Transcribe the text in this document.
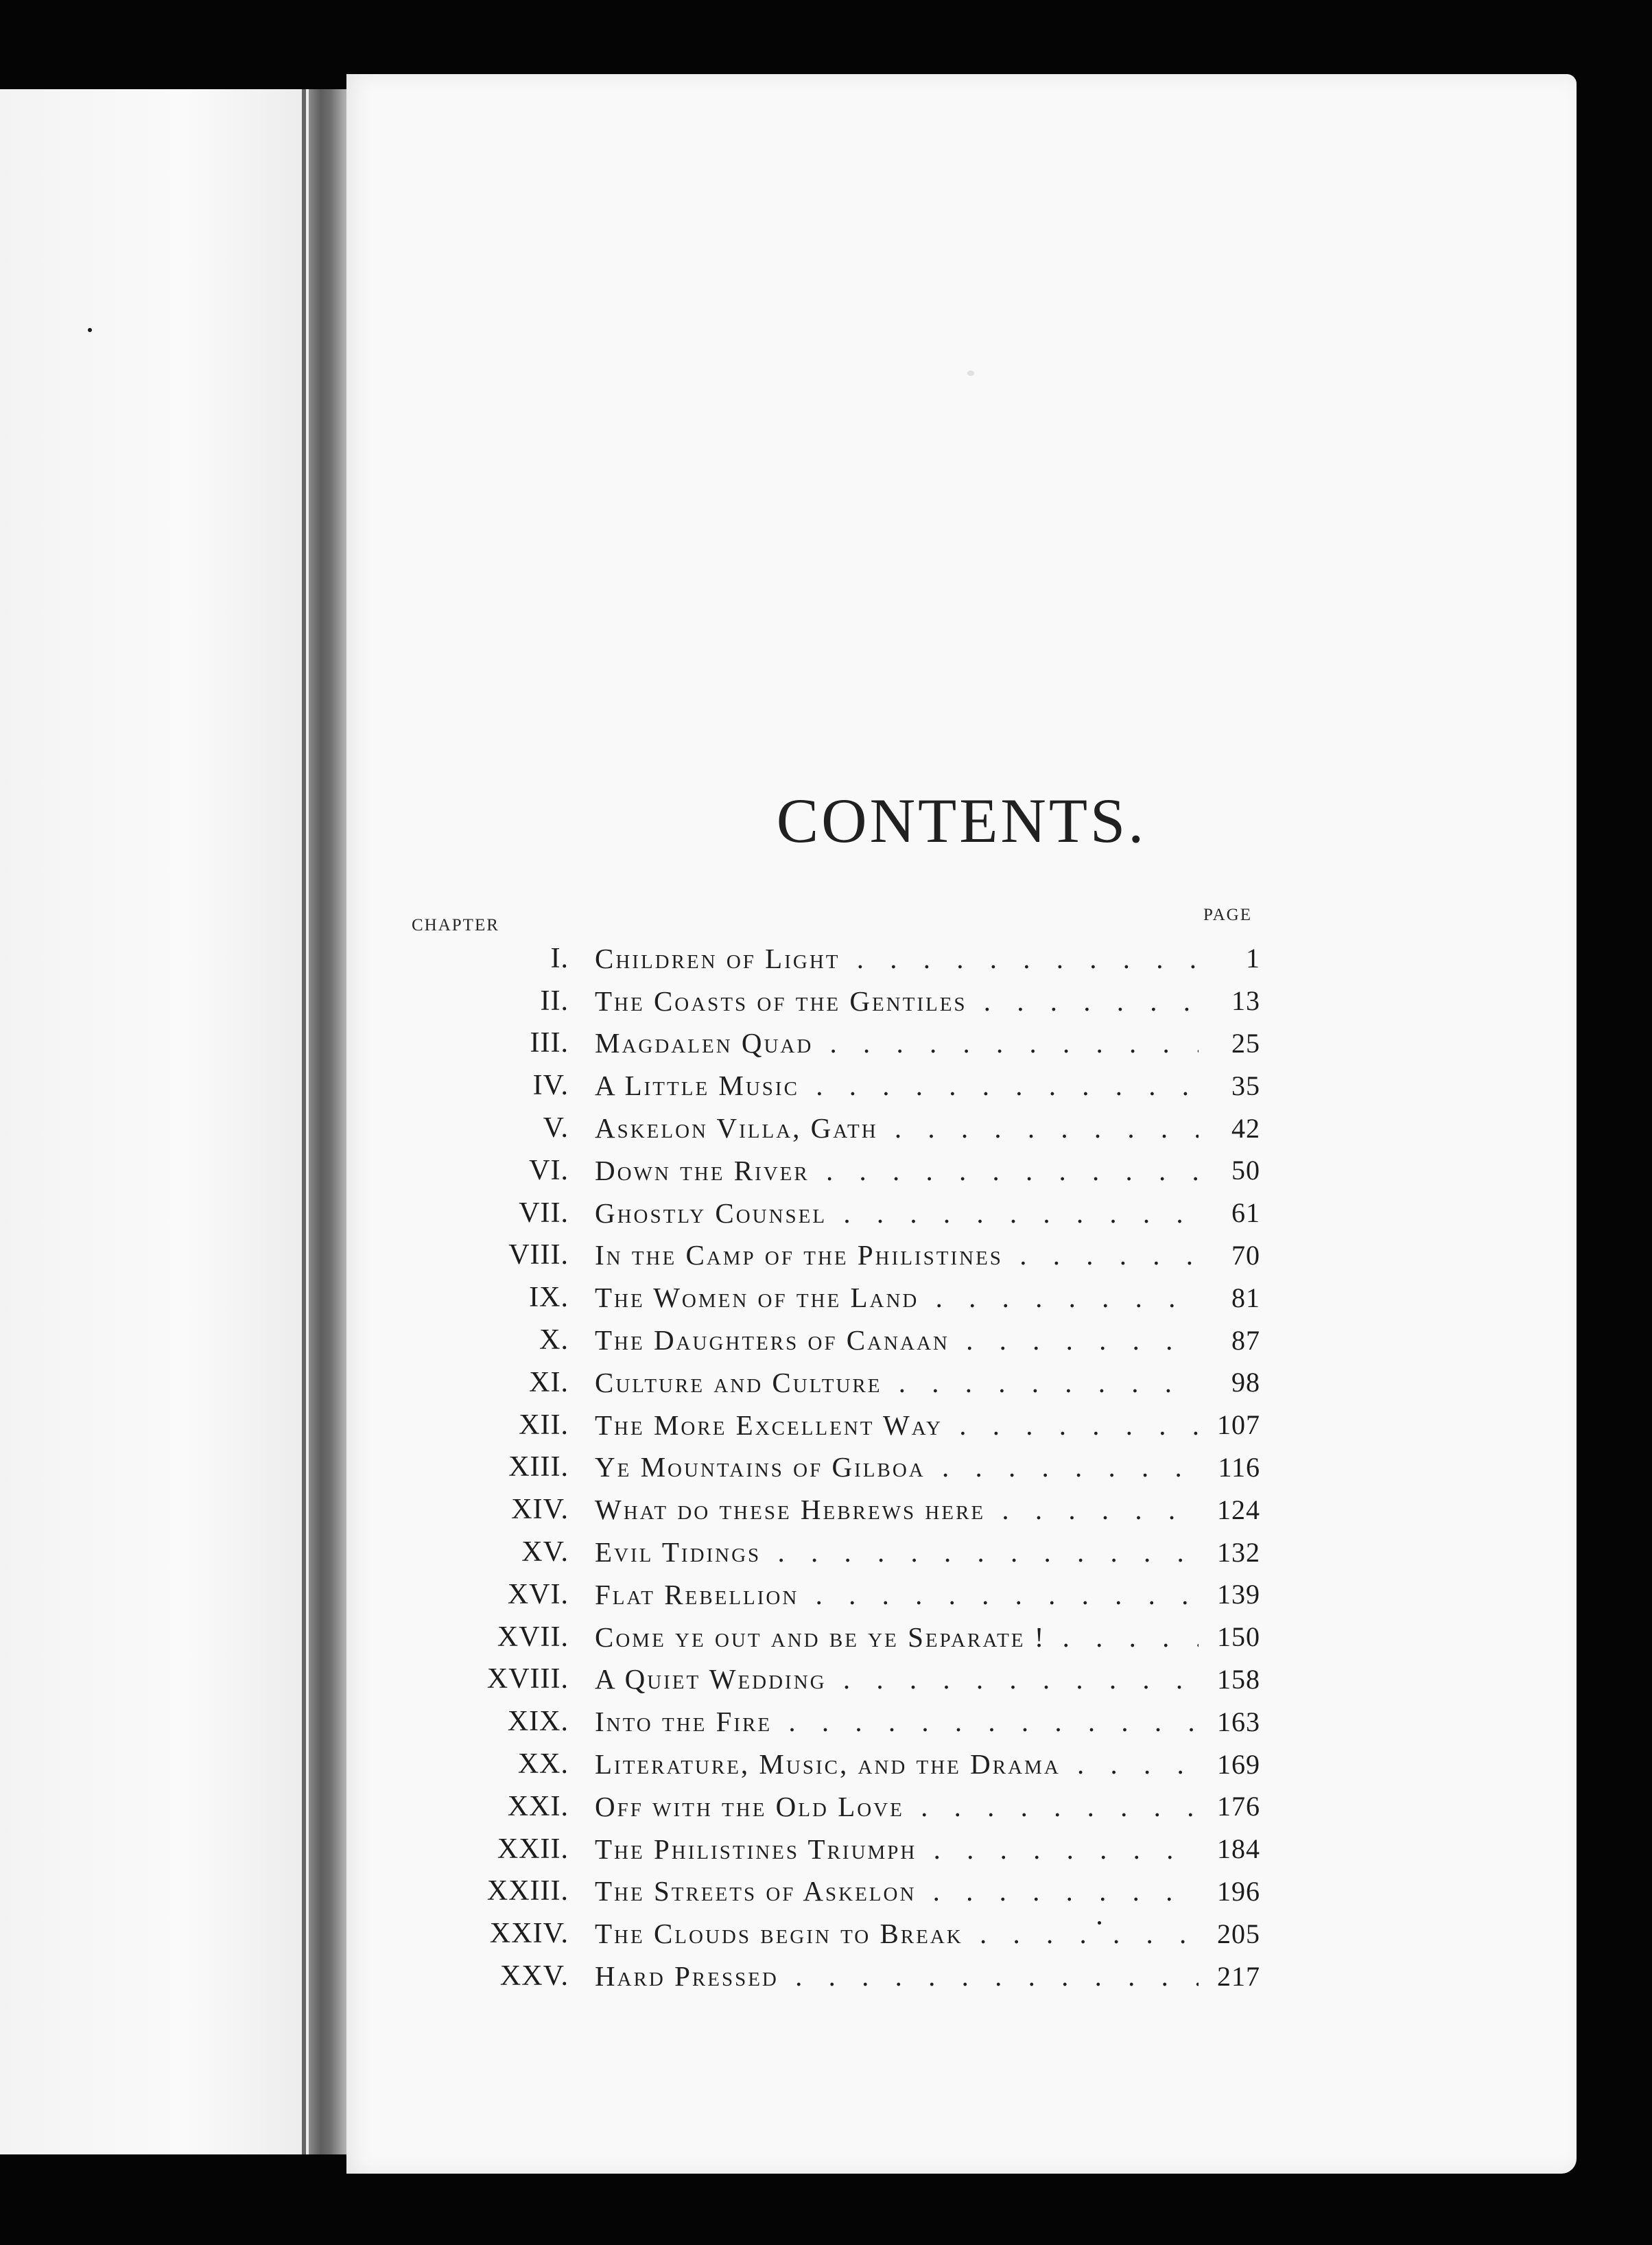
CONTENTS.
CHAPTER
PAGE
I. Children of Light . .	1
II. The Coasts of the Gentiles . .	13
III. Magdalen Quad . .	25
IV. A Little Music . .	35
V. Askelon Villa, Gath . .	42
VI. Down the River . .	50
VII. Ghostly Counsel . .	61
VIII. In the Camp of the Philistines . .	70
IX. The Women of the Land . .	81
X. The Daughters of Canaan . .	87
XI. Culture and Culture . .	98
XII. The More Excellent Way . .	107
XIII. Ye Mountains of Gilboa . .	116
XIV. What do these Hebrews here . .	124
XV. Evil Tidings . .	132
XVI. Flat Rebellion . .	139
XVII. Come ye out and be ye Separate ! . .	150
XVIII. A Quiet Wedding . .	158
XIX. Into the Fire . .	163
XX. Literature, Music, and the Drama . .	169
XXI. Off with the Old Love . .	176
XXII. The Philistines Triumph . .	184
XXIII. The Streets of Askelon . .	196
XXIV. The Clouds begin to Break . .	205
XXV. Hard Pressed . .	217
